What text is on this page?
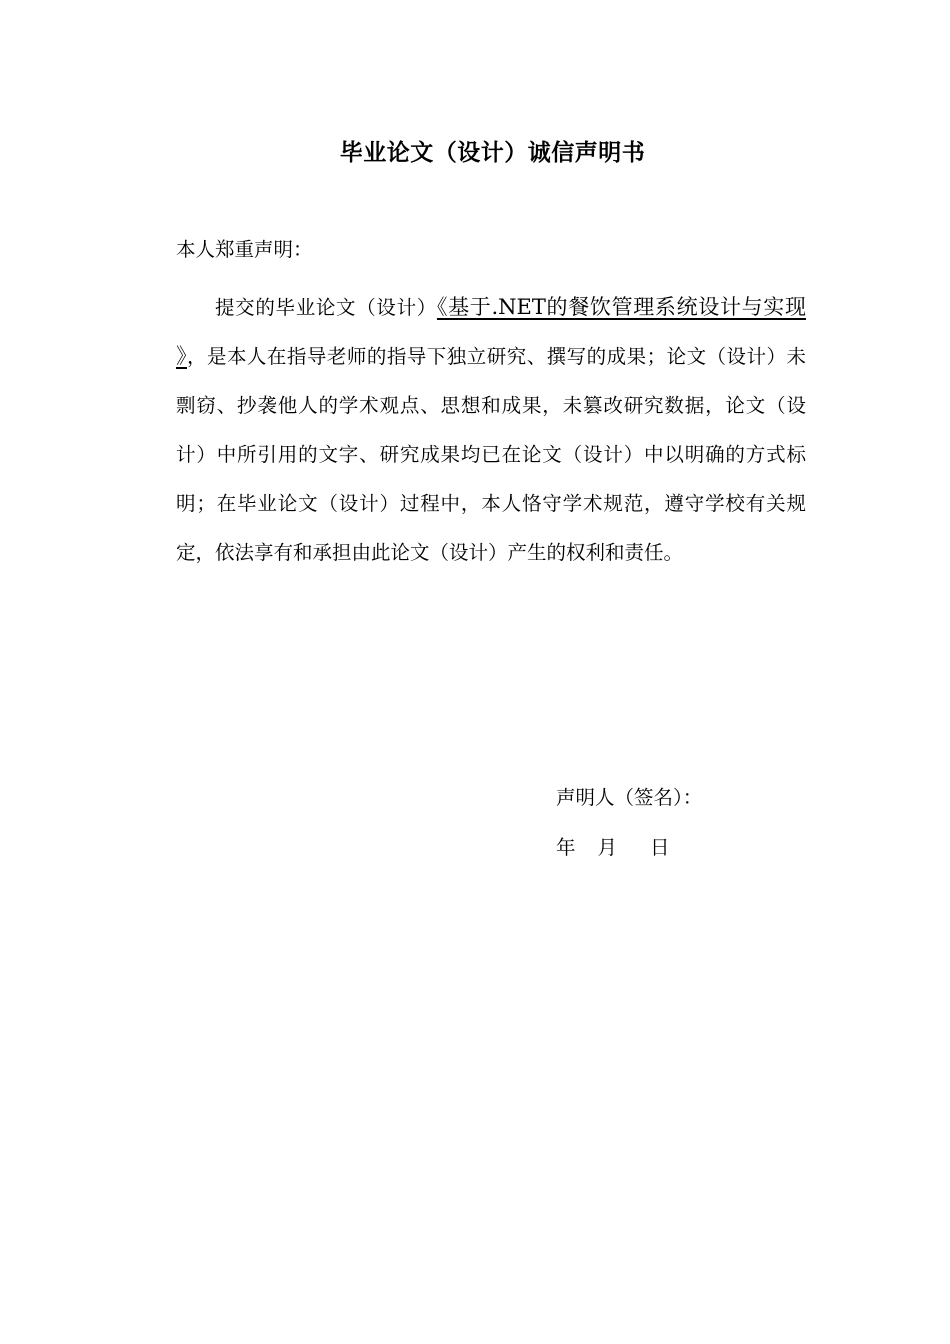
毕业论文（设计）诚信声明书
本人郑重声明：

提交的毕业论文（设计）《基于.NET的餐饮管理系统设计与实现 》，是本人在指导老师的指导下独立研究、撰写的成果；论文（设计）未剽窃、抄袭他人的学术观点、思想和成果，未篡改研究数据，论文（设计）中所引用的文字、研究成果均已在论文（设计）中以明确的方式标明；在毕业论文（设计）过程中，本人恪守学术规范，遵守学校有关规定，依法享有和承担由此论文（设计）产生的权利和责任。

声明人（签名）：
年 月 日
